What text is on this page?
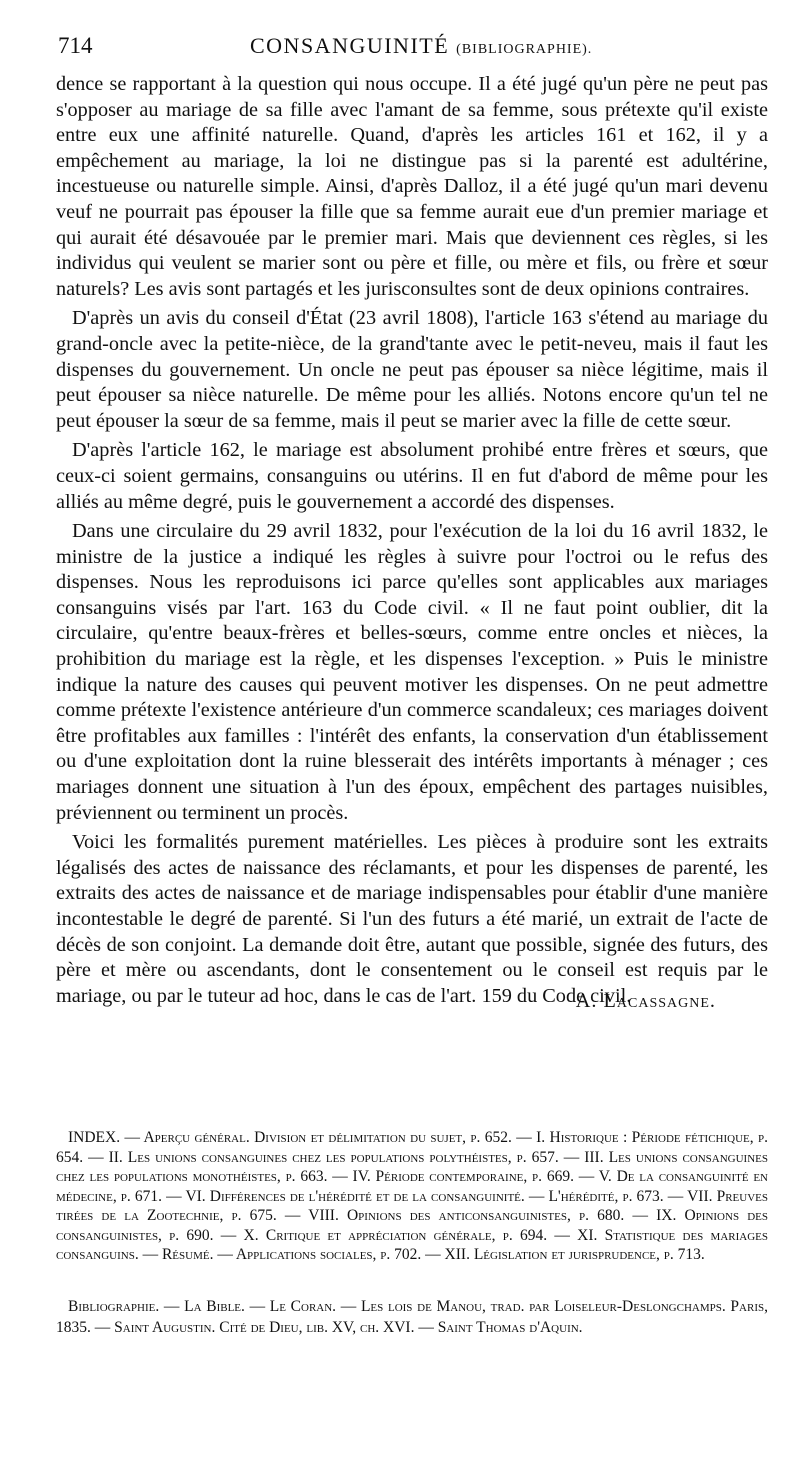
714	CONSANGUINITÉ (BIBLIOGRAPHIE).

dence se rapportant à la question qui nous occupe. Il a été jugé qu'un père ne peut pas s'opposer au mariage de sa fille avec l'amant de sa femme, sous prétexte qu'il existe entre eux une affinité naturelle. Quand, d'après les articles 161 et 162, il y a empêchement au mariage, la loi ne distingue pas si la parenté est adultérine, incestueuse ou naturelle simple. Ainsi, d'après Dalloz, il a été jugé qu'un mari devenu veuf ne pourrait pas épouser la fille que sa femme aurait eue d'un premier mariage et qui aurait été désavouée par le premier mari. Mais que deviennent ces règles, si les individus qui veulent se marier sont ou père et fille, ou mère et fils, ou frère et sœur naturels? Les avis sont partagés et les jurisconsultes sont de deux opinions contraires.

D'après un avis du conseil d'État (23 avril 1808), l'article 163 s'étend au mariage du grand-oncle avec la petite-nièce, de la grand'tante avec le petit-neveu, mais il faut les dispenses du gouvernement. Un oncle ne peut pas épouser sa nièce légitime, mais il peut épouser sa nièce naturelle. De même pour les alliés. Notons encore qu'un tel ne peut épouser la sœur de sa femme, mais il peut se marier avec la fille de cette sœur.

D'après l'article 162, le mariage est absolument prohibé entre frères et sœurs, que ceux-ci soient germains, consanguins ou utérins. Il en fut d'abord de même pour les alliés au même degré, puis le gouvernement a accordé des dispenses.

Dans une circulaire du 29 avril 1832, pour l'exécution de la loi du 16 avril 1832, le ministre de la justice a indiqué les règles à suivre pour l'octroi ou le refus des dispenses. Nous les reproduisons ici parce qu'elles sont applicables aux mariages consanguins visés par l'art. 163 du Code civil. « Il ne faut point oublier, dit la circulaire, qu'entre beaux-frères et belles-sœurs, comme entre oncles et nièces, la prohibition du mariage est la règle, et les dispenses l'exception. » Puis le ministre indique la nature des causes qui peuvent motiver les dispenses. On ne peut admettre comme prétexte l'existence antérieure d'un commerce scandaleux; ces mariages doivent être profitables aux familles : l'intérêt des enfants, la conservation d'un établissement ou d'une exploitation dont la ruine blesserait des intérêts importants à ménager ; ces mariages donnent une situation à l'un des époux, empêchent des partages nuisibles, préviennent ou terminent un procès.

Voici les formalités purement matérielles. Les pièces à produire sont les extraits légalisés des actes de naissance des réclamants, et pour les dispenses de parenté, les extraits des actes de naissance et de mariage indispensables pour établir d'une manière incontestable le degré de parenté. Si l'un des futurs a été marié, un extrait de l'acte de décès de son conjoint. La demande doit être, autant que possible, signée des futurs, des père et mère ou ascendants, dont le consentement ou le conseil est requis par le mariage, ou par le tuteur ad hoc, dans le cas de l'art. 159 du Code civil.

A. Lacassagne.
INDEX. — Aperçu général. Division et délimitation du sujet, p. 652. — I. Historique : Période fétichique, p. 654. — II. Les unions consanguines chez les populations polythéistes, p. 657. — III. Les unions consanguines chez les populations monothéistes, p. 663. — IV. Période contemporaine, p. 669. — V. De la consanguinité en médecine, p. 671. — VI. Différences de l'hérédité et de la consanguinité. — L'hérédité, p. 673. — VII. Preuves tirées de la Zootechnie, p. 675. — VIII. Opinions des anticonsanguinistes, p. 680. — IX. Opinions des consanguinistes, p. 690. — X. Critique et appréciation générale, p. 694. — XI. Statistique des mariages consanguins. — Résumé. — Applications sociales, p. 702. — XII. Législation et jurisprudence, p. 713.
Bibliographie. — La Bible. — Le Coran. — Les lois de Manou, trad. par Loiseleur-Deslongchamps. Paris, 1835. — Saint Augustin. Cité de Dieu, lib. XV, ch. XVI. — Saint Thomas d'Aquin.
